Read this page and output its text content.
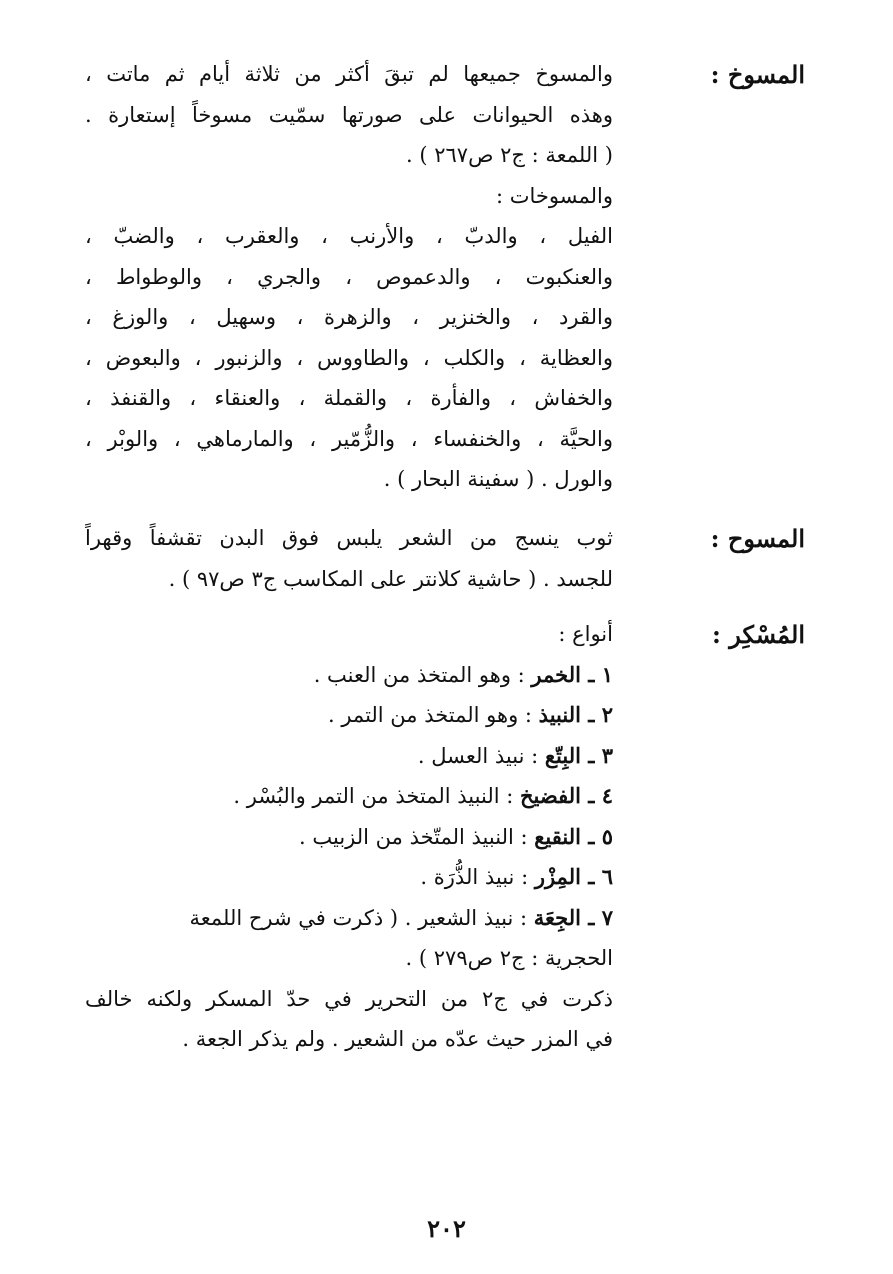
المسوخ :
والمسوخ جميعها لم تبقَ أكثر من ثلاثة أيام ثم ماتت ،
وهذه الحيوانات على صورتها سمّيت مسوخاً إستعارة .
( اللمعة : ج٢ ص٢٦٧ ) .
والمسوخات :
الفيل ، والدبّ ، والأرنب ، والعقرب ، والضبّ ،
والعنكبوت ، والدعموص ، والجري ، والوطواط ،
والقرد ، والخنزير ، والزهرة ، وسهيل ، والوزغ ،
والعظاية ، والكلب ، والطاووس ، والزنبور ، والبعوض ،
والخفاش ، والفأرة ، والقملة ، والعنقاء ، والقنفذ ،
والحيَّة ، والخنفساء ، والزُّمّير ، والمارماهي ، والوبْر ،
والورل . ( سفينة البحار ) .
المسوح :
ثوب ينسج من الشعر يلبس فوق البدن تقشفاً وقهراً
للجسد . ( حاشية كلانتر على المكاسب ج٣ ص٩٧ ) .
المُسْكِر :
أنواع :
١ ـ الخمر : وهو المتخذ من العنب .
٢ ـ النبيذ : وهو المتخذ من التمر .
٣ ـ البِتّع : نبيذ العسل .
٤ ـ الفضيخ : النبيذ المتخذ من التمر والبُسْر .
٥ ـ النقيع : النبيذ المتّخذ من الزبيب .
٦ ـ المِزْر : نبيذ الذُّرَة .
٧ ـ الجِعَة : نبيذ الشعير . ( ذكرت في شرح اللمعة
الحجرية : ج٢ ص٢٧٩ ) .
ذكرت في ج٢ من التحرير في حدّ المسكر ولكنه خالف
في المزر حيث عدّه من الشعير . ولم يذكر الجعة .
٢٠٢
